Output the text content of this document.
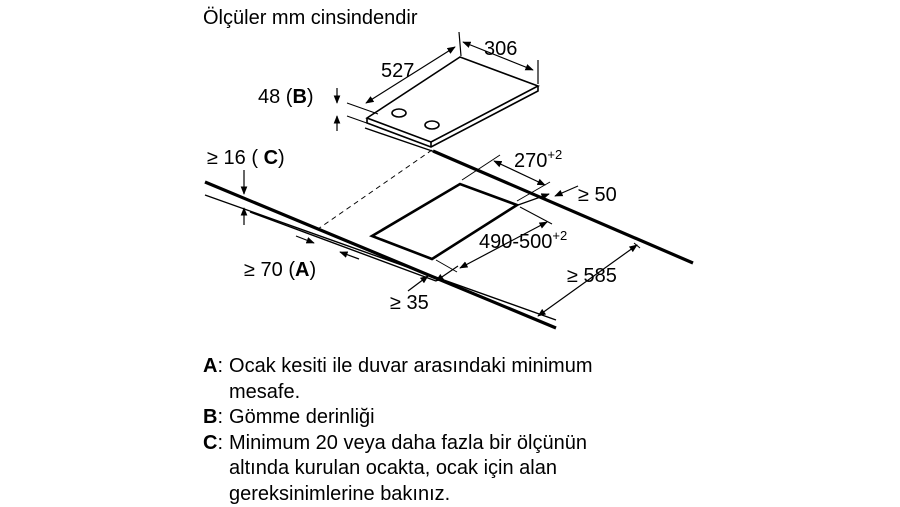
Ölçüler mm cinsindendir
527
306
48 (B)
≥ 16 ( C)	$270^{+2}$
≥ 50
$490-500^{+2}$
≥ 70 (A)
≥ 35
≥ 585
A : Ocak kesiti ile duvar arasındaki minimum
mesafe.
B : Gömme derinliği
C : Minimum 20 veya daha fazla bir ölçünün
altında kurulan ocakta, ocak için alan
gereksinimlerine bakınız.
